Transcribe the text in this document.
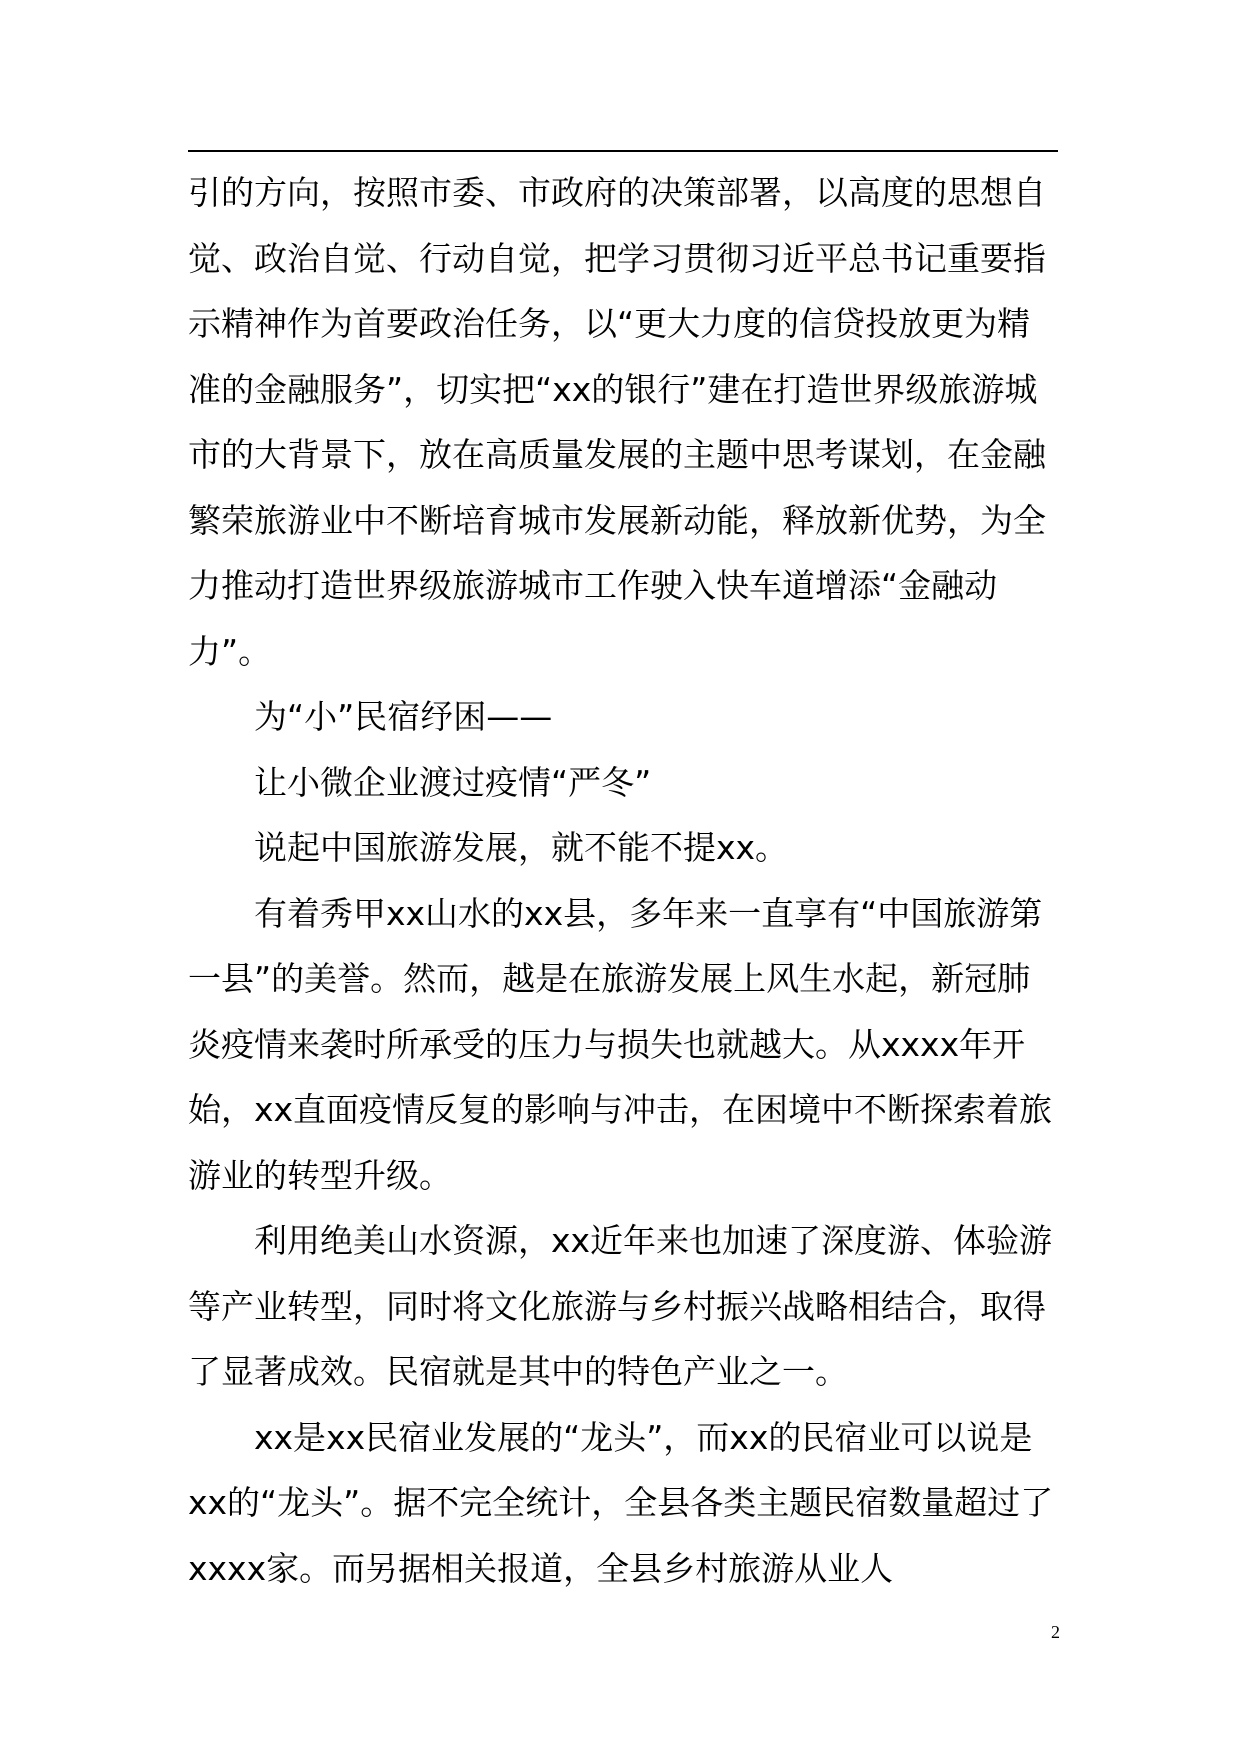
引的方向，按照市委、市政府的决策部署，以高度的思想自觉、政治自觉、行动自觉，把学习贯彻习近平总书记重要指示精神作为首要政治任务，以“更大力度的信贷投放更为精准的金融服务”，切实把“xx的银行”建在打造世界级旅游城市的大背景下，放在高质量发展的主题中思考谋划，在金融繁荣旅游业中不断培育城市发展新动能，释放新优势，为全力推动打造世界级旅游城市工作驶入快车道增添“金融动力”。

为“小”民宿纾困——

让小微企业渡过疫情“严冬”

说起中国旅游发展，就不能不提xx。

有着秀甲xx山水的xx县，多年来一直享有“中国旅游第一县”的美誉。然而，越是在旅游发展上风生水起，新冠肺炎疫情来袭时所承受的压力与损失也就越大。从xxxx年开始，xx直面疫情反复的影响与冲击，在困境中不断探索着旅游业的转型升级。

利用绝美山水资源，xx近年来也加速了深度游、体验游等产业转型，同时将文化旅游与乡村振兴战略相结合，取得了显著成效。民宿就是其中的特色产业之一。

xx是xx民宿业发展的“龙头”，而xx的民宿业可以说是xx的“龙头”。据不完全统计，全县各类主题民宿数量超过了xxxx家。而另据相关报道，全县乡村旅游从业人

2
